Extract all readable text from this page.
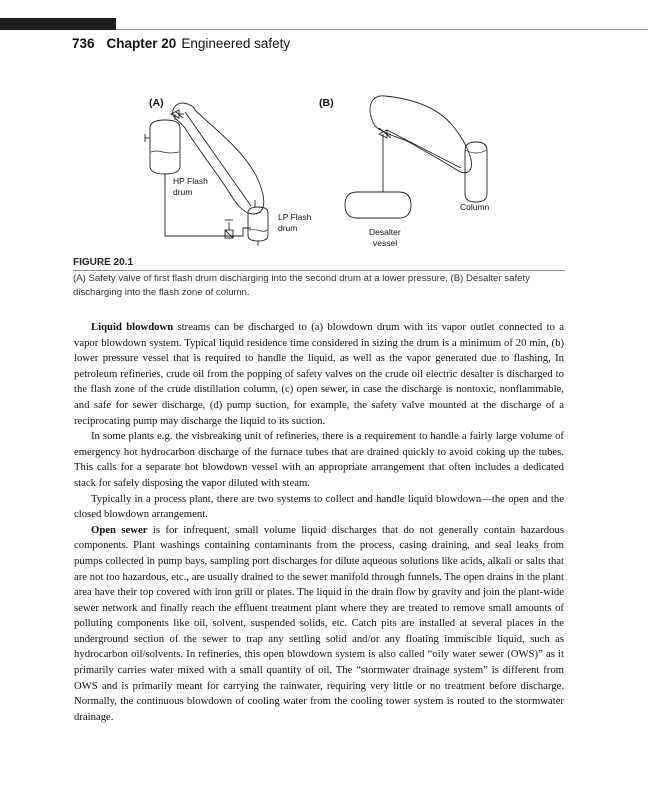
736 Chapter 20 Engineered safety
(A)	(B)
HP Flash
drum
LP Flash
drum	Desalter
vessel
Column
FIGURE 20.1
(A) Safety valve of first flash drum discharging into the second drum at a lower pressure, (B) Desalter safety discharging into the flash zone of column.

Liquid blowdown streams can be discharged to (a) blowdown drum with its vapor outlet connected to a vapor blowdown system. Typical liquid residence time considered in sizing the drum is a minimum of 20 min, (b) lower pressure vessel that is required to handle the liquid, as well as the vapor generated due to flashing, In petroleum refineries, crude oil from the popping of safety valves on the crude oil electric desalter is discharged to the flash zone of the crude distillation column, (c) open sewer, in case the discharge is nontoxic, nonflammable, and safe for sewer discharge, (d) pump suction, for example, the safety valve mounted at the discharge of a reciprocating pump may discharge the liquid to its suction.

In some plants e.g. the visbreaking unit of refineries, there is a requirement to handle a fairly large volume of emergency hot hydrocarbon discharge of the furnace tubes that are drained quickly to avoid coking up the tubes. This calls for a separate hot blowdown vessel with an appropriate arrangement that often includes a dedicated stack for safely disposing the vapor diluted with steam.

Typically in a process plant, there are two systems to collect and handle liquid blowdown—the open and the closed blowdown arrangement.

Open sewer is for infrequent, small volume liquid discharges that do not generally contain hazardous components. Plant washings containing contaminants from the process, casing draining, and seal leaks from pumps collected in pump bays, sampling port discharges for dilute aqueous solutions like acids, alkali or salts that are not too hazardous, etc., are usually drained to the sewer manifold through funnels. The open drains in the plant area have their top covered with iron grill or plates. The liquid in the drain flow by gravity and join the plant-wide sewer network and finally reach the effluent treatment plant where they are treated to remove small amounts of polluting components like oil, solvent, suspended solids, etc. Catch pits are installed at several places in the underground section of the sewer to trap any settling solid and/or any floating immiscible liquid, such as hydrocarbon oil/solvents. In refineries, this open blowdown system is also called “oily water sewer (OWS)” as it primarily carries water mixed with a small quantity of oil. The “stormwater drainage system” is different from OWS and is primarily meant for carrying the rainwater, requiring very little or no treatment before discharge. Normally, the continuous blowdown of cooling water from the cooling tower system is routed to the stormwater drainage.
